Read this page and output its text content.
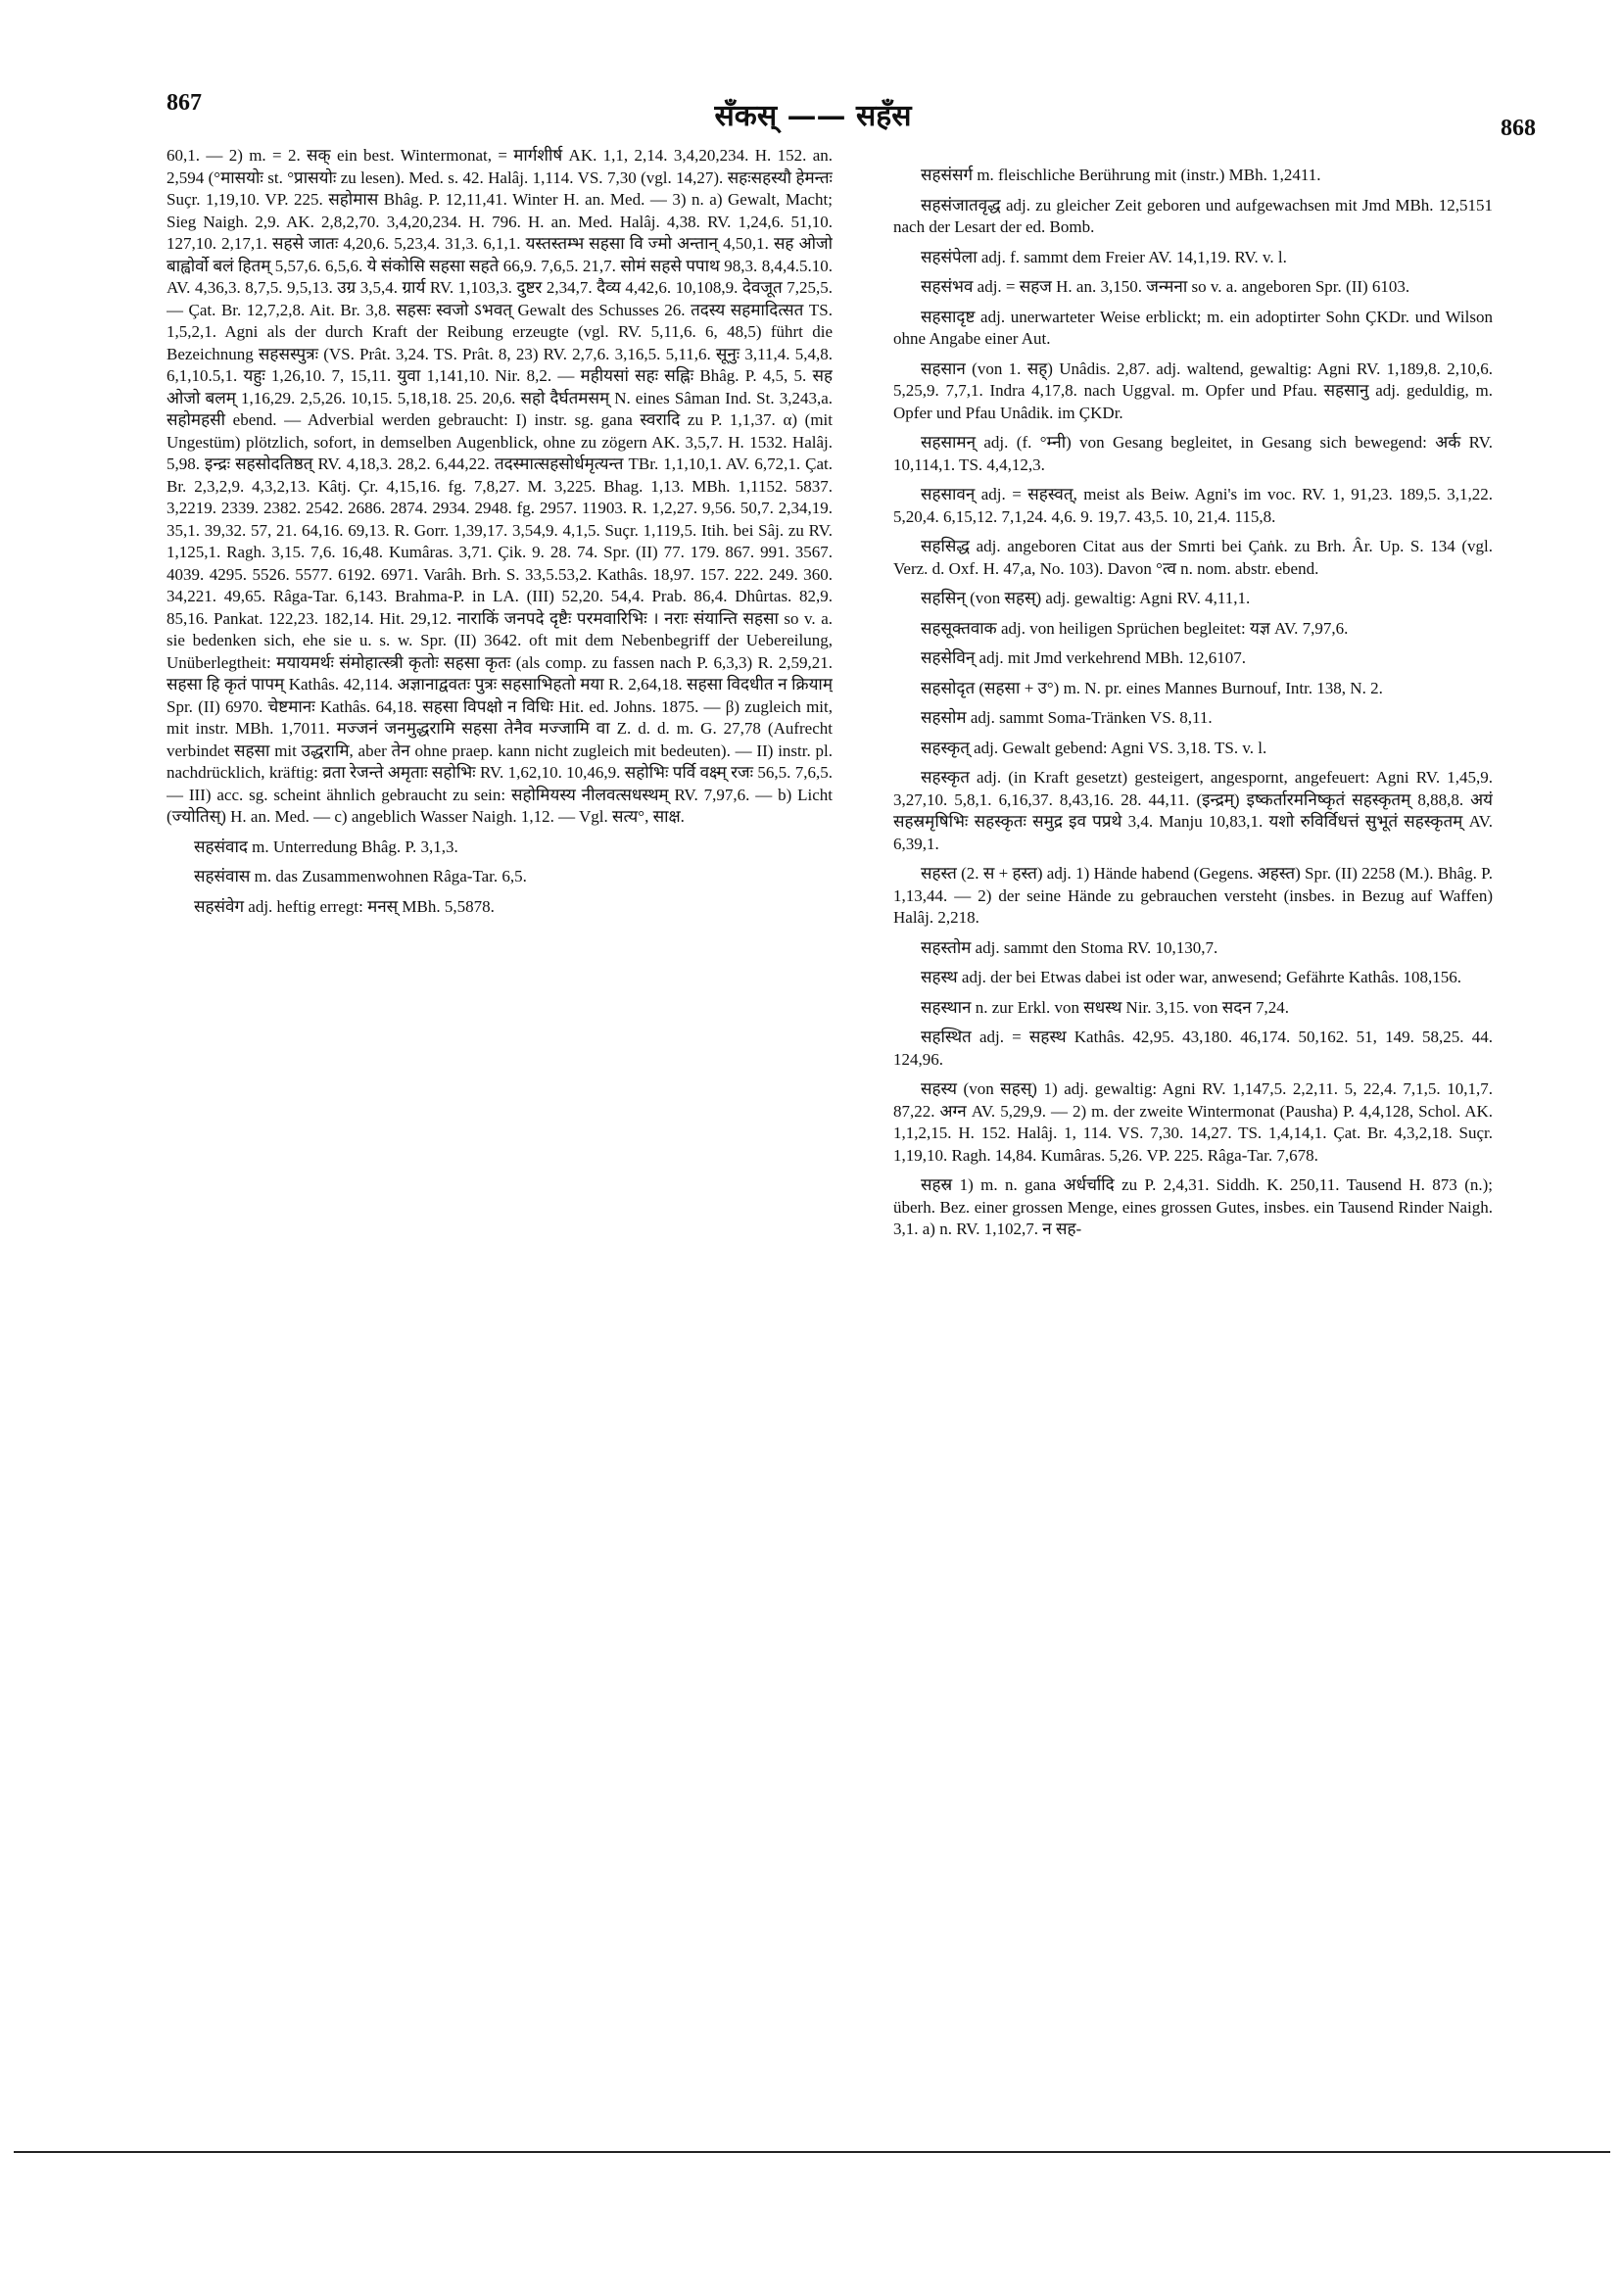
867	सँकस् —— सहँस	868

60,1. — 2) m. = 2. सक् ein best. Wintermonat, = मार्गशीर्ष AK. 1,1, 2,14. 3,4,20,234. H. 152. an. 2,594 (°मासयोः st. °प्रासयोः zu lesen). Med. s. 42. Halâj. 1,114. VS. 7,30 (vgl. 14,27). सहःसहस्यौ हेमन्तः Suçr. 1,19,10. VP. 225. सहोमास Bhâg. P. 12,11,41. Winter H. an. Med. — 3) n. a) Gewalt, Macht; Sieg Naigh. 2,9. AK. 2,8,2,70. 3,4,20,234. H. 796. H. an. Med. Halâj. 4,38. RV. 1,24,6. 51,10. 127,10. 2,17,1. सहसे जातः 4,20,6. 5,23,4. 31,3. 6,1,1. यस्तस्तम्भ सहसा वि ज्मो अन्तान् 4,50,1. सह ओजो बाह्वोर्वो बलं हितम् 5,57,6. 6,5,6. ये संकोसि सहसा सहते 66,9. 7,6,5. 21,7. सोमं सहसे पपाथ 98,3. 8,4,4.5.10. AV. 4,36,3. 8,7,5. 9,5,13. उग्र 3,5,4. ग्रार्य RV. 1,103,3. दुष्टर 2,34,7. दैव्य 4,42,6. 10,108,9. देवजूत 7,25,5. — Çat. Br. 12,7,2,8. Ait. Br. 3,8. सहसः स्वजो ऽभवत् Gewalt des Schusses 26. तदस्य सहमादित्सत TS. 1,5,2,1. Agni als der durch Kraft der Reibung erzeugte (vgl. RV. 5,11,6. 6, 48,5) führt die Bezeichnung सहसस्पुत्रः (VS. Prât. 3,24. TS. Prât. 8, 23) RV. 2,7,6. 3,16,5. 5,11,6. सूनुः 3,11,4. 5,4,8. 6,1,10.5,1. यहुः 1,26,10. 7, 15,11. युवा 1,141,10. Nir. 8,2. — महीयसां सहः सह्निः Bhâg. P. 4,5, 5. सह ओजो बलम् 1,16,29. 2,5,26. 10,15. 5,18,18. 25. 20,6. सहो दैर्घतमसम् N. eines Sâman Ind. St. 3,243,a. सहोमहसी ebend. — Adverbial werden gebraucht: I) instr. sg. gana स्वरादि zu P. 1,1,37. α) (mit Ungestüm) plötzlich, sofort, in demselben Augenblick, ohne zu zögern AK. 3,5,7. H. 1532. Halâj. 5,98. इन्द्रः सहसोदतिष्ठत् RV. 4,18,3. 28,2. 6,44,22. तदस्मात्सहसोर्धमृत्यन्त TBr. 1,1,10,1. AV. 6,72,1. Çat. Br. 2,3,2,9. 4,3,2,13. Kâtj. Çr. 4,15,16. fg. 7,8,27. M. 3,225. Bhag. 1,13. MBh. 1,1152. 5837. 3,2219. 2339. 2382. 2542. 2686. 2874. 2934. 2948. fg. 2957. 11903. R. 1,2,27. 9,56. 50,7. 2,34,19. 35,1. 39,32. 57, 21. 64,16. 69,13. R. Gorr. 1,39,17. 3,54,9. 4,1,5. Suçr. 1,119,5. Itih. bei Sâj. zu RV. 1,125,1. Ragh. 3,15. 7,6. 16,48. Kumâras. 3,71. Çik. 9. 28. 74. Spr. (II) 77. 179. 867. 991. 3567. 4039. 4295. 5526. 5577. 6192. 6971. Varâh. Brh. S. 33,5.53,2. Kathâs. 18,97. 157. 222. 249. 360. 34,221. 49,65. Râga-Tar. 6,143. Brahma-P. in LA. (III) 52,20. 54,4. Prab. 86,4. Dhûrtas. 82,9. 85,16. Pankat. 122,23. 182,14. Hit. 29,12. नाराकिं जनपदे दृष्टैः परमवारिभिः । नराः संयान्ति सहसा so v. a. sie bedenken sich, ehe sie u. s. w. Spr. (II) 3642. oft mit dem Nebenbegriff der Uebereilung, Unüberlegtheit: मयायमर्थः संमोहात्स्त्री कृतोः सहसा कृतः (als comp. zu fassen nach P. 6,3,3) R. 2,59,21. सहसा हि कृतं पापम् Kathâs. 42,114. अज्ञानाद्ववतः पुत्रः सहसाभिहतो मया R. 2,64,18. सहसा विदधीत न क्रियाम् Spr. (II) 6970. चेष्टमानः Kathâs. 64,18. सहसा विपक्षो न विधिः Hit. ed. Johns. 1875. — β) zugleich mit, mit instr. MBh. 1,7011. मज्जनं जनमुद्धरामि सहसा तेनैव मज्जामि वा Z. d. d. m. G. 27,78 (Aufrecht verbindet सहसा mit उद्धरामि, aber तेन ohne praep. kann nicht zugleich mit bedeuten). — II) instr. pl. nachdrücklich, kräftig: व्रता रेजन्ते अमृताः सहोभिः RV. 1,62,10. 10,46,9. सहोभिः पर्वि वक्ष्म् रजः 56,5. 7,6,5. — III) acc. sg. scheint ähnlich gebraucht zu sein: सहोमियस्य नीलवत्सधस्थम् RV. 7,97,6. — b) Licht (ज्योतिस्) H. an. Med. — c) angeblich Wasser Naigh. 1,12. — Vgl. सत्य°, साक्ष.

सहसंवाद m. Unterredung Bhâg. P. 3,1,3.

सहसंवास m. das Zusammenwohnen Râga-Tar. 6,5.

सहसंवेग adj. heftig erregt: मनस् MBh. 5,5878.

सहसंसर्ग m. fleischliche Berührung mit (instr.) MBh. 1,2411.

सहसंजातवृद्ध adj. zu gleicher Zeit geboren und aufgewachsen mit Jmd MBh. 12,5151 nach der Lesart der ed. Bomb.

सहसंपेला adj. f. sammt dem Freier AV. 14,1,19. RV. v. l.

सहसंभव adj. = सहज H. an. 3,150. जन्मना so v. a. angeboren Spr. (II) 6103.

सहसादृष्ट adj. unerwarteter Weise erblickt; m. ein adoptirter Sohn ÇKDr. und Wilson ohne Angabe einer Aut.

सहसान (von 1. सह्) Unâdis. 2,87. adj. waltend, gewaltig: Agni RV. 1,189,8. 2,10,6. 5,25,9. 7,7,1. Indra 4,17,8. nach Uggval. m. Opfer und Pfau. सहसानु adj. geduldig, m. Opfer und Pfau Unâdik. im ÇKDr.

सहसामन् adj. (f. °म्नी) von Gesang begleitet, in Gesang sich bewegend: अर्क RV. 10,114,1. TS. 4,4,12,3.

सहसावन् adj. = सहस्वत्, meist als Beiw. Agni's im voc. RV. 1, 91,23. 189,5. 3,1,22. 5,20,4. 6,15,12. 7,1,24. 4,6. 9. 19,7. 43,5. 10, 21,4. 115,8.

सहसिद्ध adj. angeboren Citat aus der Smrti bei Çaṅk. zu Brh. Âr. Up. S. 134 (vgl. Verz. d. Oxf. H. 47,a, No. 103). Davon °त्व n. nom. abstr. ebend.

सहसिन् (von सहस्) adj. gewaltig: Agni RV. 4,11,1.

सहसूक्तवाक adj. von heiligen Sprüchen begleitet: यज्ञ AV. 7,97,6.

सहसेविन् adj. mit Jmd verkehrend MBh. 12,6107.

सहसोदृत (सहसा + उ°) m. N. pr. eines Mannes Burnouf, Intr. 138, N. 2.

सहसोम adj. sammt Soma-Tränken VS. 8,11.

सहस्कृत् adj. Gewalt gebend: Agni VS. 3,18. TS. v. l.

सहस्कृत adj. (in Kraft gesetzt) gesteigert, angespornt, angefeuert: Agni RV. 1,45,9. 3,27,10. 5,8,1. 6,16,37. 8,43,16. 28. 44,11. (इन्द्रम्) इष्कर्तारमनिष्कृतं सहस्कृतम् 8,88,8. अयं सहस्रमृषिभिः सहस्कृतः समुद्र इव पप्रथे 3,4. Manju 10,83,1. यशो रुविर्विधत्तं सुभूतं सहस्कृतम् AV. 6,39,1.

सहस्त (2. स + हस्त) adj. 1) Hände habend (Gegens. अहस्त) Spr. (II) 2258 (M.). Bhâg. P. 1,13,44. — 2) der seine Hände zu gebrauchen versteht (insbes. in Bezug auf Waffen) Halâj. 2,218.

सहस्तोम adj. sammt den Stoma RV. 10,130,7.

सहस्थ adj. der bei Etwas dabei ist oder war, anwesend; Gefährte Kathâs. 108,156.

सहस्थान n. zur Erkl. von सधस्थ Nir. 3,15. von सदन 7,24.

सहस्थित adj. = सहस्थ Kathâs. 42,95. 43,180. 46,174. 50,162. 51, 149. 58,25. 44. 124,96.

सहस्य (von सहस्) 1) adj. gewaltig: Agni RV. 1,147,5. 2,2,11. 5, 22,4. 7,1,5. 10,1,7. 87,22. अग्न AV. 5,29,9. — 2) m. der zweite Wintermonat (Pausha) P. 4,4,128, Schol. AK. 1,1,2,15. H. 152. Halâj. 1, 114. VS. 7,30. 14,27. TS. 1,4,14,1. Çat. Br. 4,3,2,18. Suçr. 1,19,10. Ragh. 14,84. Kumâras. 5,26. VP. 225. Râga-Tar. 7,678.

सहस्र 1) m. n. gana अर्धर्चादि zu P. 2,4,31. Siddh. K. 250,11. Tausend H. 873 (n.); überh. Bez. einer grossen Menge, eines grossen Gutes, insbes. ein Tausend Rinder Naigh. 3,1. a) n. RV. 1,102,7. न सह-
